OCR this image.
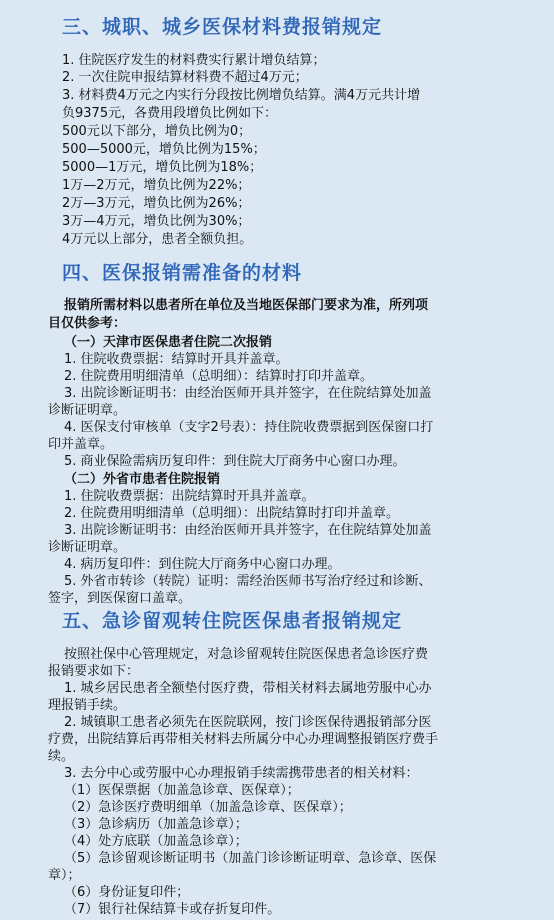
三、城职、城乡医保材料费报销规定
1. 住院医疗发生的材料费实行累计增负结算；
2. 一次住院申报结算材料费不超过4万元；
3. 材料费4万元之内实行分段按比例增负结算。满4万元共计增
负9375元，各费用段增负比例如下：
500元以下部分，增负比例为0；
500—5000元，增负比例为15%；
5000—1万元，增负比例为18%；
1万—2万元，增负比例为22%；
2万—3万元，增负比例为26%；
3万—4万元，增负比例为30%；
4万元以上部分，患者全额负担。
四、医保报销需准备的材料
报销所需材料以患者所在单位及当地医保部门要求为准，所列项
目仅供参考：
（一）天津市医保患者住院二次报销
1. 住院收费票据：结算时开具并盖章。
2. 住院费用明细清单（总明细）：结算时打印并盖章。
3. 出院诊断证明书：由经治医师开具并签字，在住院结算处加盖
诊断证明章。
4. 医保支付审核单（支字2号表）：持住院收费票据到医保窗口打
印并盖章。
5. 商业保险需病历复印件：到住院大厅商务中心窗口办理。
（二）外省市患者住院报销
1. 住院收费票据：出院结算时开具并盖章。
2. 住院费用明细清单（总明细）：出院结算时打印并盖章。
3. 出院诊断证明书：由经治医师开具并签字，在住院结算处加盖
诊断证明章。
4. 病历复印件：到住院大厅商务中心窗口办理。
5. 外省市转诊（转院）证明：需经治医师书写治疗经过和诊断、
签字，到医保窗口盖章。
五、急诊留观转住院医保患者报销规定
按照社保中心管理规定，对急诊留观转住院医保患者急诊医疗费
报销要求如下：
1. 城乡居民患者全额垫付医疗费，带相关材料去属地劳服中心办
理报销手续。
2. 城镇职工患者必须先在医院联网，按门诊医保待遇报销部分医
疗费，出院结算后再带相关材料去所属分中心办理调整报销医疗费手
续。
3. 去分中心或劳服中心办理报销手续需携带患者的相关材料：
（1）医保票据（加盖急诊章、医保章）；
（2）急诊医疗费明细单（加盖急诊章、医保章）；
（3）急诊病历（加盖急诊章）；
（4）处方底联（加盖急诊章）；
（5）急诊留观诊断证明书（加盖门诊诊断证明章、急诊章、医保
章）；
（6）身份证复印件；
（7）银行社保结算卡或存折复印件。
